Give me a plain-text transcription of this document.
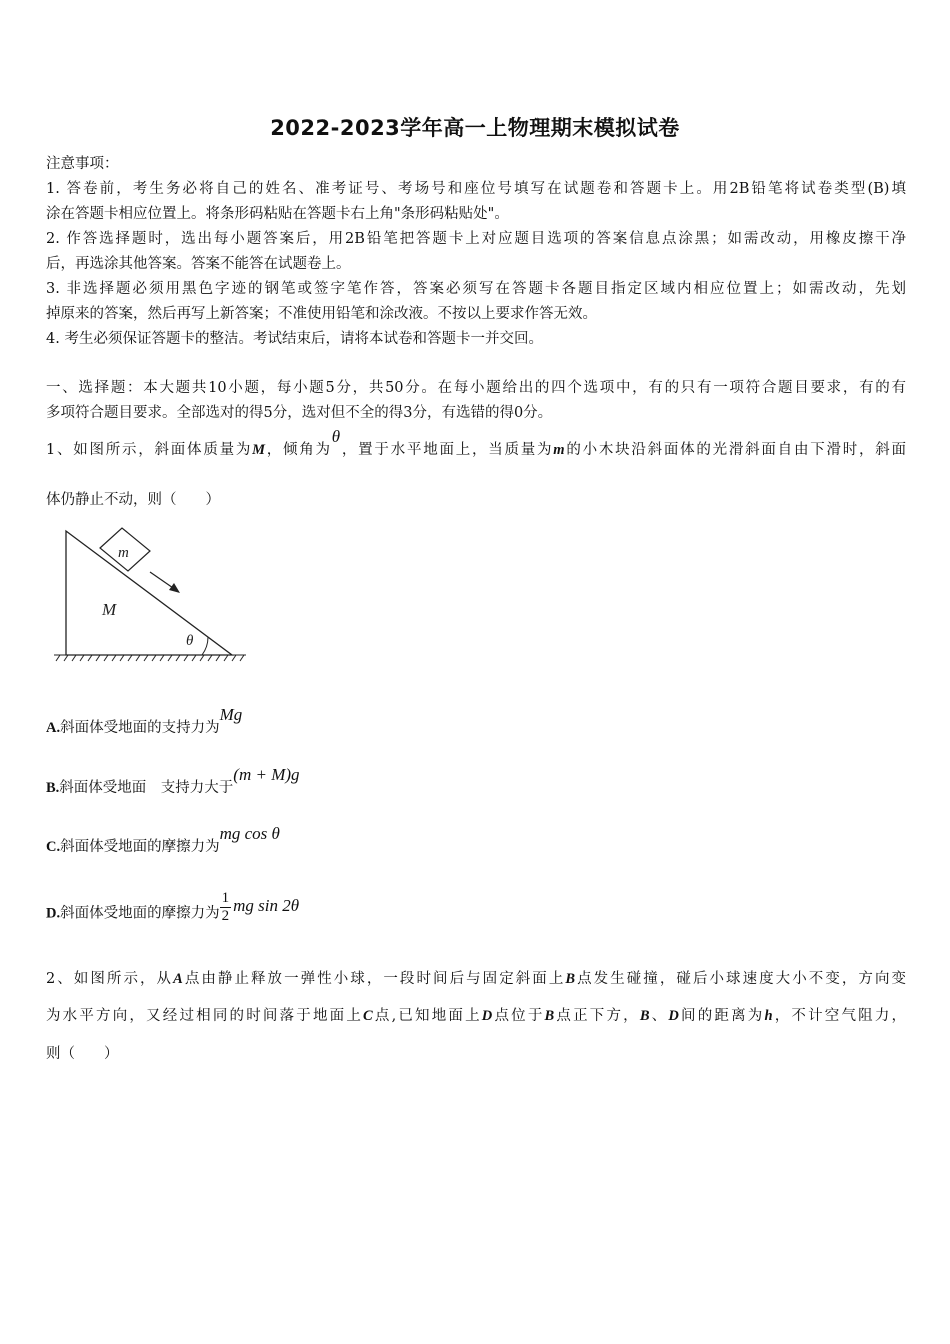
2022-2023学年高一上物理期末模拟试卷
注意事项：
1. 答卷前，考生务必将自己的姓名、准考证号、考场号和座位号填写在试题卷和答题卡上。用2B铅笔将试卷类型(B)填
涂在答题卡相应位置上。将条形码粘贴在答题卡右上角"条形码粘贴处"。
2. 作答选择题时，选出每小题答案后，用2B铅笔把答题卡上对应题目选项的答案信息点涂黑；如需改动，用橡皮擦干净
后，再选涂其他答案。答案不能答在试题卷上。
3. 非选择题必须用黑色字迹的钢笔或签字笔作答，答案必须写在答题卡各题目指定区域内相应位置上；如需改动，先划
掉原来的答案，然后再写上新答案；不准使用铅笔和涂改液。不按以上要求作答无效。
4. 考生必须保证答题卡的整洁。考试结束后，请将本试卷和答题卡一并交回。
一、选择题：本大题共10小题，每小题5分，共50分。在每小题给出的四个选项中，有的只有一项符合题目要求，有的有
多项符合题目要求。全部选对的得5分，选对但不全的得3分，有选错的得0分。
1、如图所示，斜面体质量为M，倾角为θ，置于水平地面上，当质量为m的小木块沿斜面体的光滑斜面自由下滑时，斜面
体仍静止不动，则（　　）
m
M
θ
A.斜面体受地面的支持力为Mg
B.斜面体受地面　支持力大于(m + M)g
C.斜面体受地面的摩擦力为mg cos θ
D.斜面体受地面的摩擦力为 $\frac{1}{2}$ mg sin 2θ
2、如图所示，从A点由静止释放一弹性小球，一段时间后与固定斜面上B点发生碰撞，碰后小球速度大小不变，方向变
为水平方向，又经过相同的时间落于地面上C点,已知地面上D点位于B点正下方，B、D间的距离为h，不计空气阻力，
则（　　）
